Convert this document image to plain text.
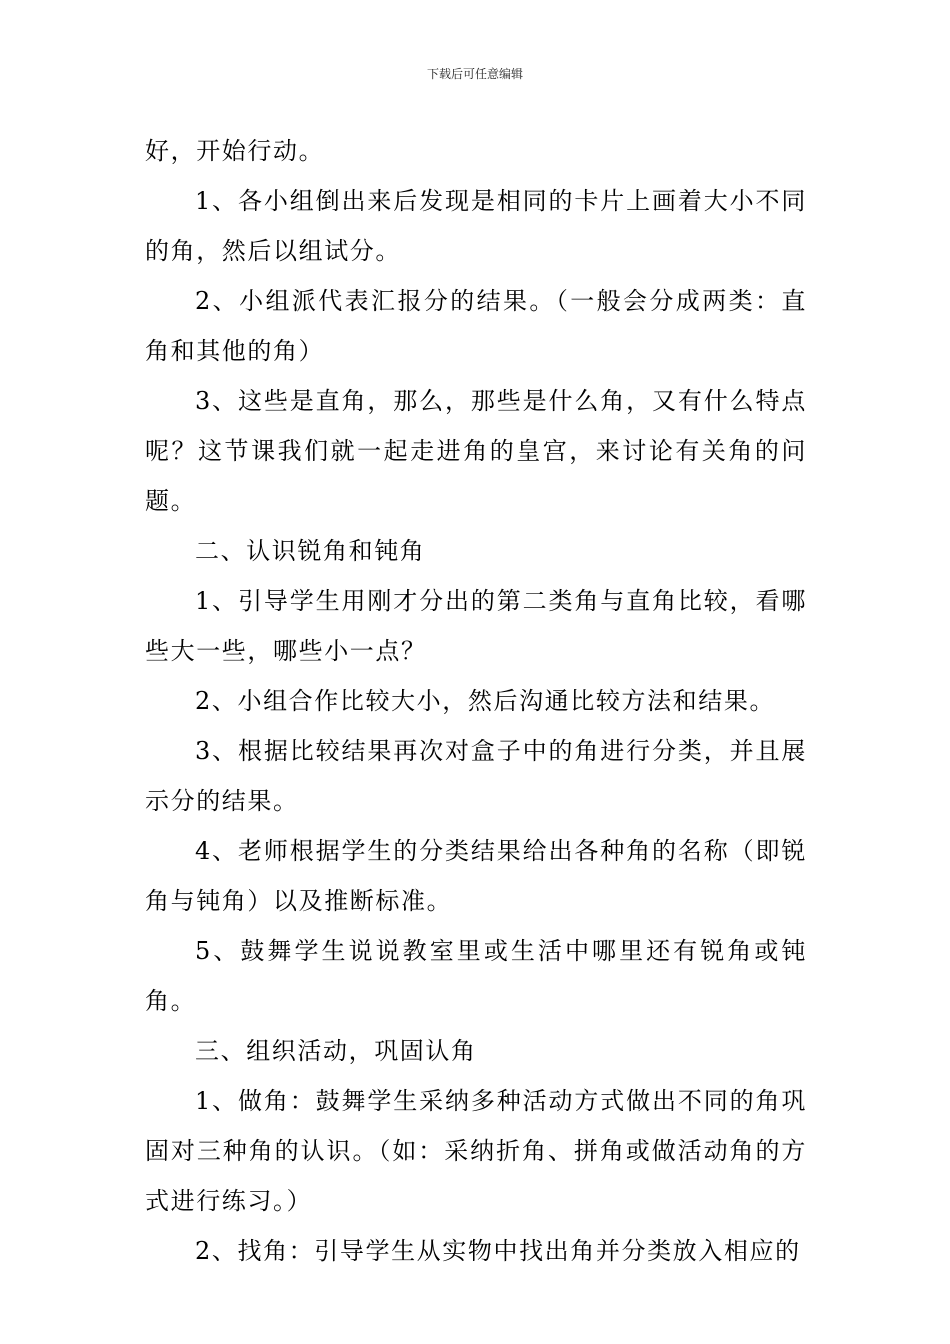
下载后可任意编辑

好，开始行动。

1、各小组倒出来后发现是相同的卡片上画着大小不同的角，然后以组试分。

2、小组派代表汇报分的结果。（一般会分成两类：直角和其他的角）

3、这些是直角，那么，那些是什么角，又有什么特点呢？这节课我们就一起走进角的皇宫，来讨论有关角的问题。

二、认识锐角和钝角

1、引导学生用刚才分出的第二类角与直角比较，看哪些大一些，哪些小一点？

2、小组合作比较大小，然后沟通比较方法和结果。

3、根据比较结果再次对盒子中的角进行分类，并且展示分的结果。

4、老师根据学生的分类结果给出各种角的名称（即锐角与钝角）以及推断标准。

5、鼓舞学生说说教室里或生活中哪里还有锐角或钝角。

三、组织活动，巩固认角

1、做角：鼓舞学生采纳多种活动方式做出不同的角巩固对三种角的认识。（如：采纳折角、拼角或做活动角的方式进行练习。）

2、找角：引导学生从实物中找出角并分类放入相应的
